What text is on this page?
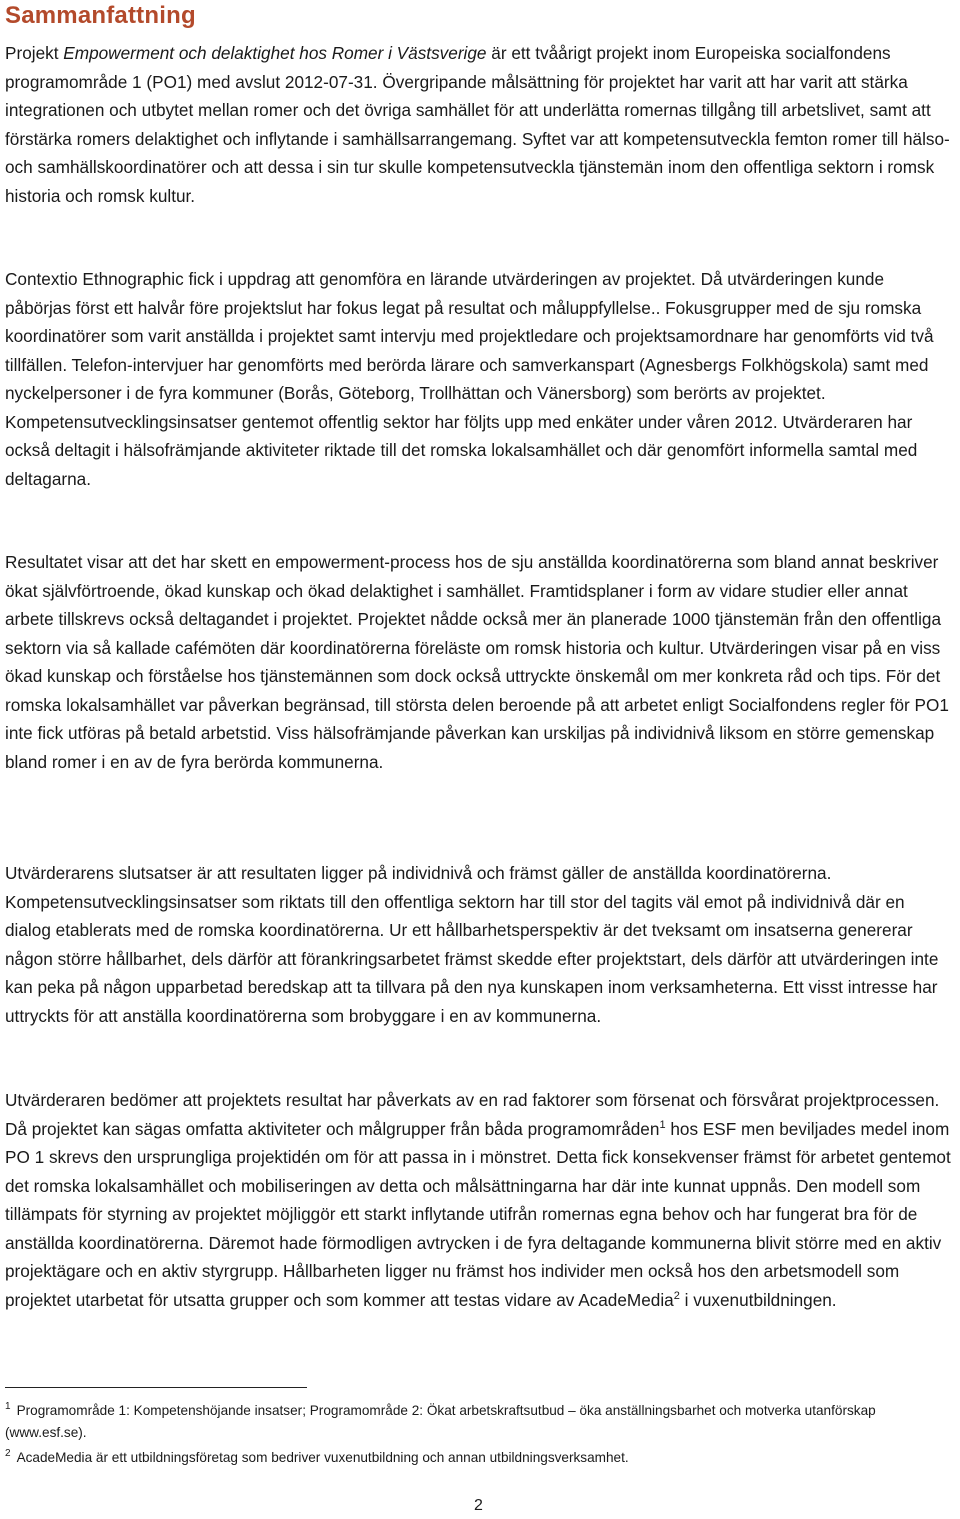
Sammanfattning

Projekt Empowerment och delaktighet hos Romer i Västsverige är ett tvåårigt projekt inom Europeiska socialfondens programområde 1 (PO1) med avslut 2012-07-31. Övergripande målsättning för projektet har varit att har varit att stärka integrationen och utbytet mellan romer och det övriga samhället för att underlätta romernas tillgång till arbetslivet, samt att förstärka romers delaktighet och inflytande i samhällsarrangemang. Syftet var att kompetensutveckla femton romer till hälso- och samhällskoordinatörer och att dessa i sin tur skulle kompetensutveckla tjänstemän inom den offentliga sektorn i romsk historia och romsk kultur.

Contextio Ethnographic fick i uppdrag att genomföra en lärande utvärderingen av projektet. Då utvärderingen kunde påbörjas först ett halvår före projektslut har fokus legat på resultat och måluppfyllelse.. Fokusgrupper med de sju romska koordinatörer som varit anställda i projektet samt intervju med projektledare och projektsamordnare har genomförts vid två tillfällen. Telefon-intervjuer har genomförts med berörda lärare och samverkanspart (Agnesbergs Folkhögskola) samt med nyckelpersoner i de fyra kommuner (Borås, Göteborg, Trollhättan och Vänersborg) som berörts av projektet. Kompetensutvecklingsinsatser gentemot offentlig sektor har följts upp med enkäter under våren 2012. Utvärderaren har också deltagit i hälsofrämjande aktiviteter riktade till det romska lokalsamhället och där genomfört informella samtal med deltagarna.

Resultatet visar att det har skett en empowerment-process hos de sju anställda koordinatörerna som bland annat beskriver ökat självförtroende, ökad kunskap och ökad delaktighet i samhället. Framtidsplaner i form av vidare studier eller annat arbete tillskrevs också deltagandet i projektet. Projektet nådde också mer än planerade 1000 tjänstemän från den offentliga sektorn via så kallade cafémöten där koordinatörerna föreläste om romsk historia och kultur. Utvärderingen visar på en viss ökad kunskap och förståelse hos tjänstemännen som dock också uttryckte önskemål om mer konkreta råd och tips. För det romska lokalsamhället var påverkan begränsad, till största delen beroende på att arbetet enligt Socialfondens regler för PO1 inte fick utföras på betald arbetstid. Viss hälsofrämjande påverkan kan urskiljas på individnivå liksom en större gemenskap bland romer i en av de fyra berörda kommunerna.

Utvärderarens slutsatser är att resultaten ligger på individnivå och främst gäller de anställda koordinatörerna. Kompetensutvecklingsinsatser som riktats till den offentliga sektorn har till stor del tagits väl emot på individnivå där en dialog etablerats med de romska koordinatörerna. Ur ett hållbarhetsperspektiv är det tveksamt om insatserna genererar någon större hållbarhet, dels därför att förankringsarbetet främst skedde efter projektstart, dels därför att utvärderingen inte kan peka på någon upparbetad beredskap att ta tillvara på den nya kunskapen inom verksamheterna. Ett visst intresse har uttryckts för att anställa koordinatörerna som brobyggare i en av kommunerna.

Utvärderaren bedömer att projektets resultat har påverkats av en rad faktorer som försenat och försvårat projektprocessen. Då projektet kan sägas omfatta aktiviteter och målgrupper från båda programområden$^1$ hos ESF men beviljades medel inom PO 1 skrevs den ursprungliga projektidén om för att passa in i mönstret. Detta fick konsekvenser främst för arbetet gentemot det romska lokalsamhället och mobiliseringen av detta och målsättningarna har där inte kunnat uppnås. Den modell som tillämpats för styrning av projektet möjliggör ett starkt inflytande utifrån romernas egna behov och har fungerat bra för de anställda koordinatörerna. Däremot hade förmodligen avtrycken i de fyra deltagande kommunerna blivit större med en aktiv projektägare och en aktiv styrgrupp. Hållbarheten ligger nu främst hos individer men också hos den arbetsmodell som projektet utarbetat för utsatta grupper och som kommer att testas vidare av AcadeMedia$^2$ i vuxenutbildningen.

$^1$ Programområde 1: Kompetenshöjande insatser; Programområde 2: Ökat arbetskraftsutbud – öka anställningsbarhet och motverka utanförskap (www.esf.se).

$^2$ AcadeMedia är ett utbildningsföretag som bedriver vuxenutbildning och annan utbildningsverksamhet.

2
